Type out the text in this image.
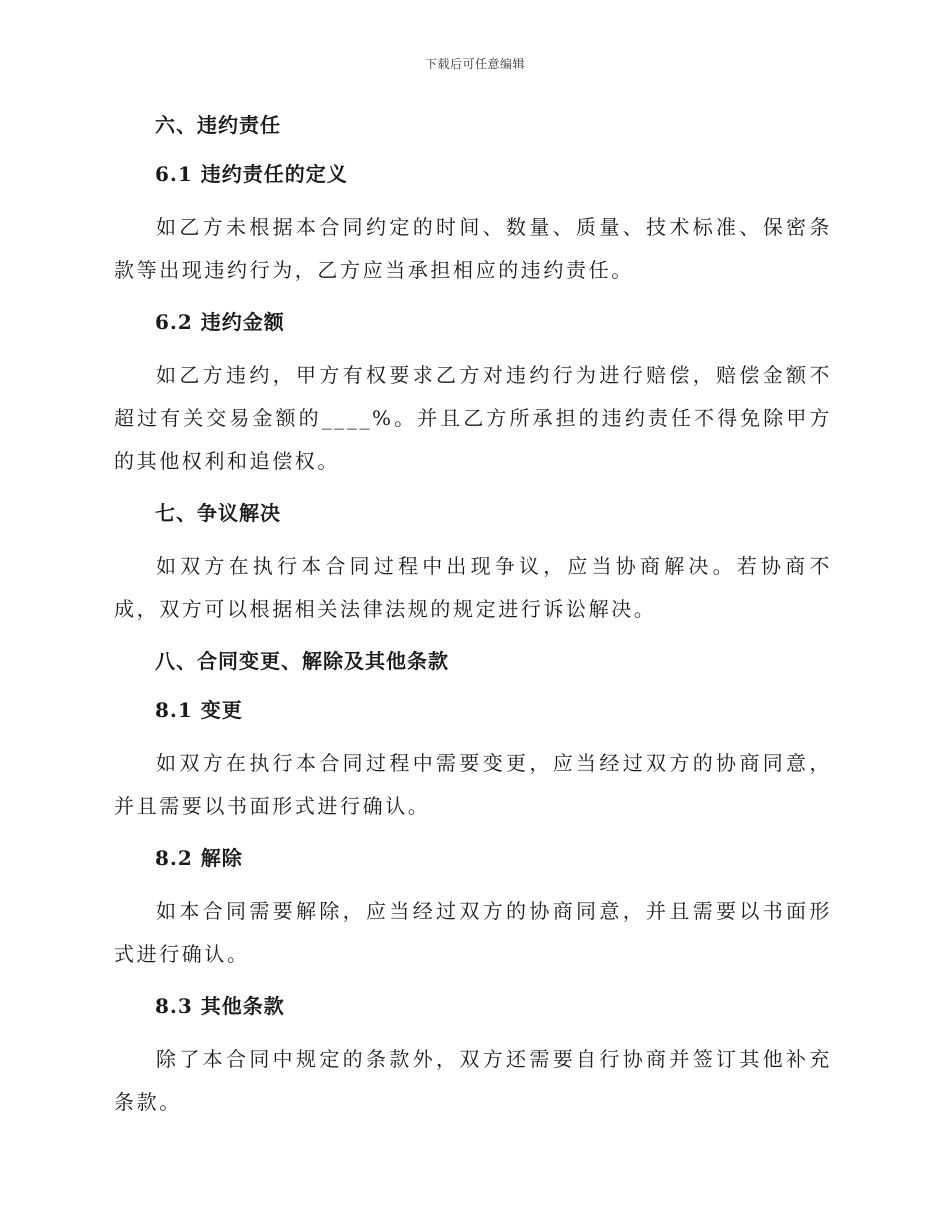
下载后可任意编辑

六、违约责任

6.1 违约责任的定义

如乙方未根据本合同约定的时间、数量、质量、技术标准、保密条款等出现违约行为，乙方应当承担相应的违约责任。

6.2 违约金额

如乙方违约，甲方有权要求乙方对违约行为进行赔偿，赔偿金额不超过有关交易金额的____%。并且乙方所承担的违约责任不得免除甲方的其他权利和追偿权。

七、争议解决

如双方在执行本合同过程中出现争议，应当协商解决。若协商不成，双方可以根据相关法律法规的规定进行诉讼解决。

八、合同变更、解除及其他条款

8.1 变更

如双方在执行本合同过程中需要变更，应当经过双方的协商同意，并且需要以书面形式进行确认。

8.2 解除

如本合同需要解除，应当经过双方的协商同意，并且需要以书面形式进行确认。

8.3 其他条款

除了本合同中规定的条款外，双方还需要自行协商并签订其他补充条款。
